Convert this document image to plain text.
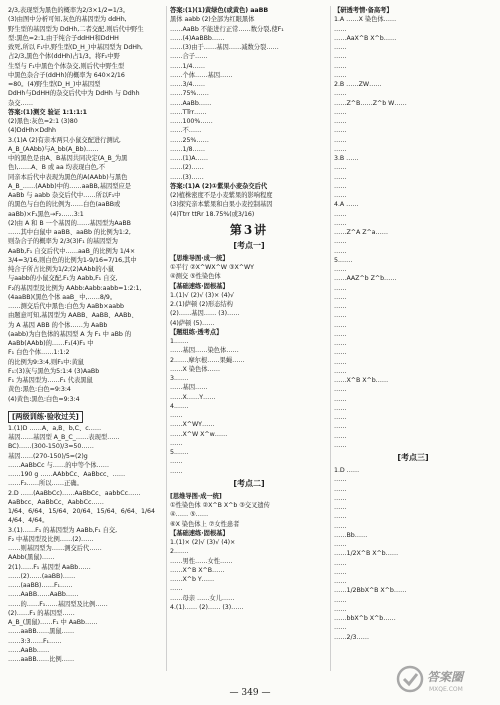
2/3,表现型为黑色的概率为2/3×1/2=1/3。
(3)由图中分析可知,灰色的基因型为 ddHh,
野生型的基因型为 DdHh,二者交配,则后代中野生
型:黑色=2:1,由于纯合子ddHH和DdHH
致死,所以 F₁中,野生型(D_H_)中基因型为 DdHh,
占2/3,黑色个体(ddHh)占1/3。将F₁中野
生型与 F₁中黑色个体杂交,则后代中野生型
中黑色杂合子(ddHh)的概率为 640×2/16
=80。(4)野生型(D_H_)中基因型
DdHh与DdHH的杂交后代中为 DdHh 与 Ddhh
杂交……
答案:(1)测交 验证 1:1:1:1
(2)黑色:灰色=2:1 (3)80
(4)DdHh×Ddhh
3.(1)A (2)有亲本两只小鼠交配进行测试,
A_B_(AAbb)与A_bb(A_Bb)……
中的黑色是由A、B基因共同决定(A_B_为黑
色),……A、B 或 aa 均表现白色,不
同亲本后代中表现为黑色的A(AAbb)与黑色
A_B_……(AAbb)中的……aaBB,基因型应是
AaBb 与 aabb 杂交后代中……所以F₁中
的黑色与白色的比例为……白色(aaBB或
aaBb)×F₁黑色→F₂……3:1
(2)由 A 和 B 一个基因的……基因型为AaBB
……其中白鼠中 aaBB、aaBb 的比例为1:2,
则杂合子的概率为 2/3(3)F₁ 的基因型为
AaBb,F₁ 自交后代中……aaB_的比例为 1/4×
3/4=3/16,则白色的比例为1-9/16=7/16,其中
纯合子所占比例为1/2;(2)AAbb的小鼠
与aabb的小鼠交配,F₁为 Aabb,F₁ 自交,
F₂的基因型及比例为 AAbb:Aabb:aabb=1:2:1,
(4aaBB)(黑色个体 aaB_ 中,……8/9。
……测交后代中黑色:白色为 AaBb×aabb
由题意可知,基因型为 AABB、AaBB、AABb、
为 A 基因 ABB 的个体……为 AaBb
(aabb)为白色体的基因型 A 为 F₁ 中 aBb 的
AaBb(AAbb)的……F₁(4)F₁ 中
F₁ 白色个体……1:1:2
的比例为9:3:4,则F₁中:黄鼠
F₁:(3)灰与黑色为5:1:4 (3)AaBb
F₁ 为基因型为……F₁ 代表黑鼠
黄色:黑色:白色=9:3:4
(4)黄色:黑色:白色=9:3:4
[两级训练·验收过关]
1.(1)D ……A、a,B、b,C、c……
基因……基因型 A_B_C_……表现型……
BC)……(300-150)/3=50……
基因……(270-150)/5=(2)g
……AaBbCc 与……的中等个体……
……190 g ……AAbbCc、AaBbcc、……
……F₂……所以……正确。
2.D ……(AaBbCc)……AaBbCc、aabbCc……
AaBbcc、AaBbCc、AabbCc……
1/64、6/64、15/64、20/64、15/64、6/64、1/64
4/64、4/64。
3.(1)……F₁ 的基因型为 AaBb,F₁ 自交,
F₂ 中基因型及比例……(2)……
……则基因型为……测交后代……
AAbb(黑鼠)……
2(1)……F₁ 基因型 AaBb……
……(2)……(aaBB)……
……(aaBB)……F₁……
……AaBB……AaBb……
……的……F₁……基因型及比例……
(2)……F₁ 的基因型……
A_B_(黑鼠)……F₁ 中 AaBb……
……aaBB……黑鼠……
……3:3……F₁……
……AaBb……
……aaBB……比例……
答案:(1)(1)黄绿色(或黄色) aaBB
黑体 aabb (2)全部为红眼黑体
……AaBb 不能进行正常……数分裂,使F₁
……(4)AaBBb……
……(3)由于……基因……减数分裂……
……合子……
……1/4……
……个体……基因……
……3/4……
……75%……
……AaBb……
……TTrr……
……100%……
……不……
……25%……
……1/8……
……(1)A……
……(2)……
……(3)……
答案:(1)A (2)①紫果小麦杂交后代
(2)植株密度不是小麦紫果的影响程度
(3)探究亲本紫果和白果小麦控制基因
(4)Ttrr ttRr 18.75%(或3/16)
第3讲
[考点一]
【思维导图·成一统】
①平行 ②X^WX^W ③X^WY
④测交 ⑤性染色体
【基础速练·固根基】
1.(1)√ (2)√ (3)× (4)√
2.(1)萨顿 (2)形态结构
(2)……基因…… (3)……
(4)萨顿 (5)……
【题组练·透考点】
1.……
……基因……染色体……
2.……摩尔根……果蝇……
……X 染色体……
3.……
……基因……
……X……Y……
4.……
……
……X^WY……
……X^W X^w……
……
5.……
……
……
[考点二]
[思维导图·成一统]
①性染色体 ②X^B X^b ③交叉遗传
④…… ⑤……
⑥X 染色体上 ⑦女性患者
【基础速练·固根基】
1.(1)× (2)√ (3)√ (4)×
2.……
……男性……女性……
……X^B X^B……
……X^b Y……
……
……母亲 ……女儿……
4.(1)…… (2)…… (3)……
【研透考情·备高考】
1.A ……X 染色体……
……
……AaX^B X^b……
……
……
……
……
2.B ……ZW……
……
……Z^B……Z^b W……
……
……
……
……
……
3.B ……
……
……
……
……
4.A ……
……
……
……Z^A Z^a……
……
……
5.……
……
……AAZ^b Z^b……
……
……
……
……
……
……
……
……
……
……
……X^B X^b……
……
……
……
……
……
……
……
[考点三]
1.D ……
……
……
……
……
……
……
……Bb……
……
……1/2X^B X^b……
……
……
……
……1/2BbX^B X^b……
……
……
……bbX^b X^b……
……
……2/3……
— 349 —
答案圈
MXQE.COM
